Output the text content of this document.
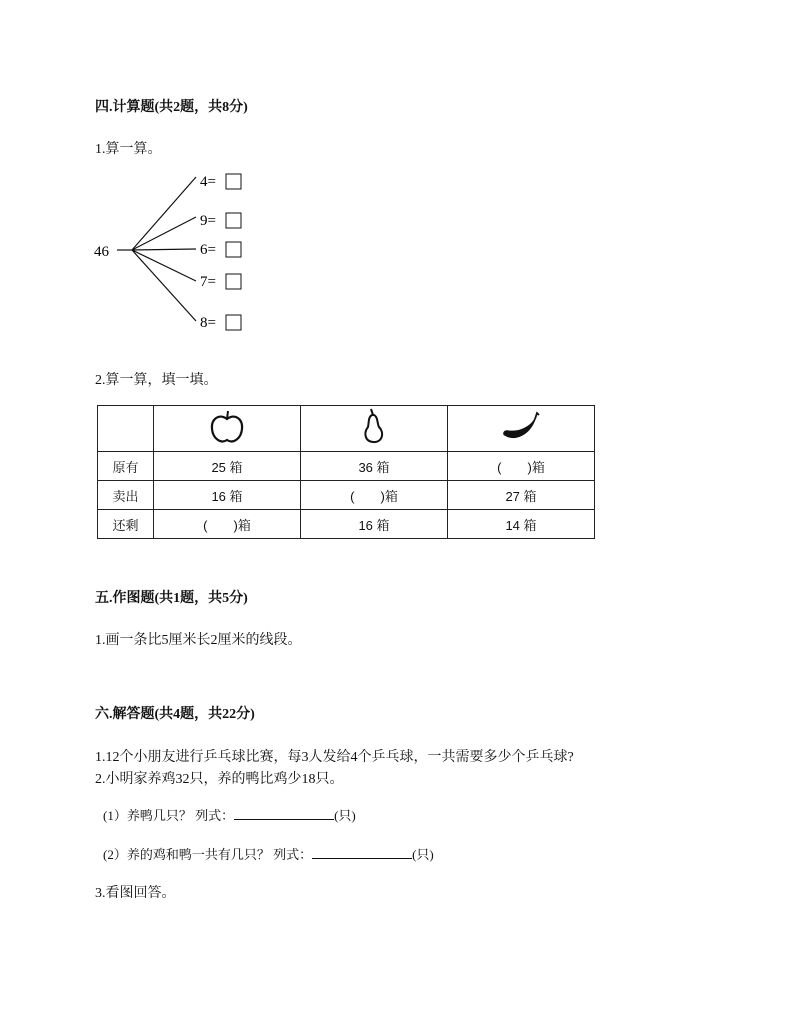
四.计算题(共2题，共8分)
1.算一算。
46
4=
9=
6=
7=
8=
2.算一算，填一填。

原有	25 箱	36 箱	(　　)箱
卖出	16 箱	(　　)箱	27 箱
还剩	(　　)箱	16 箱	14 箱
五.作图题(共1题，共5分)
1.画一条比5厘米长2厘米的线段。
六.解答题(共4题，共22分)
1.12个小朋友进行乒乓球比赛，每3人发给4个乒乓球，一共需要多少个乒乓球?
2.小明家养鸡32只，养的鸭比鸡少18只。
(1）养鸭几只？ 列式：	(只)
(2）养的鸡和鸭一共有几只？ 列式：	(只)
3.看图回答。
